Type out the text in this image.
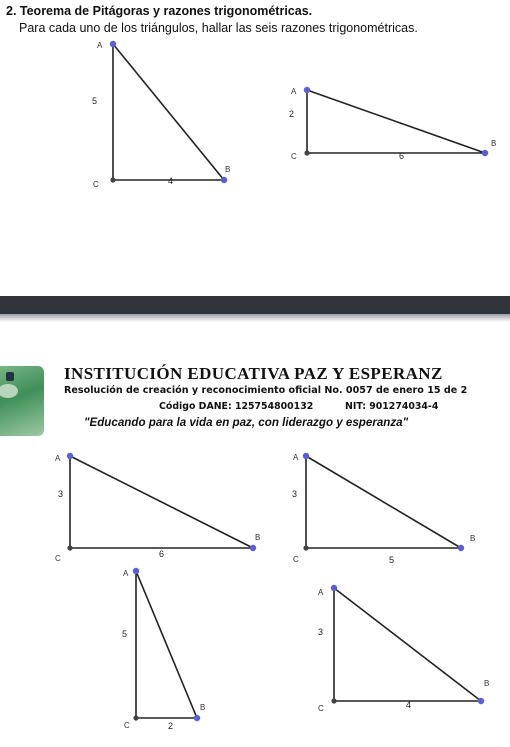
2. Teorema de Pitágoras y razones trigonométricas.
Para cada uno de los triángulos, hallar las seis razones trigonométricas.
INSTITUCIÓN EDUCATIVA PAZ Y ESPERANZ
Resolución de creación y reconocimiento oficial No. 0057 de enero 15 de 2
Código DANE: 125754800132	NIT: 901274034-4
"Educando para la vida en paz, con liderazgo y esperanza"
A
B
C
5
4
A
B
C
2
6
A
B
C
3
6
A
B
C
3
5
A
B
C
5
2
A
B
C
3
4
